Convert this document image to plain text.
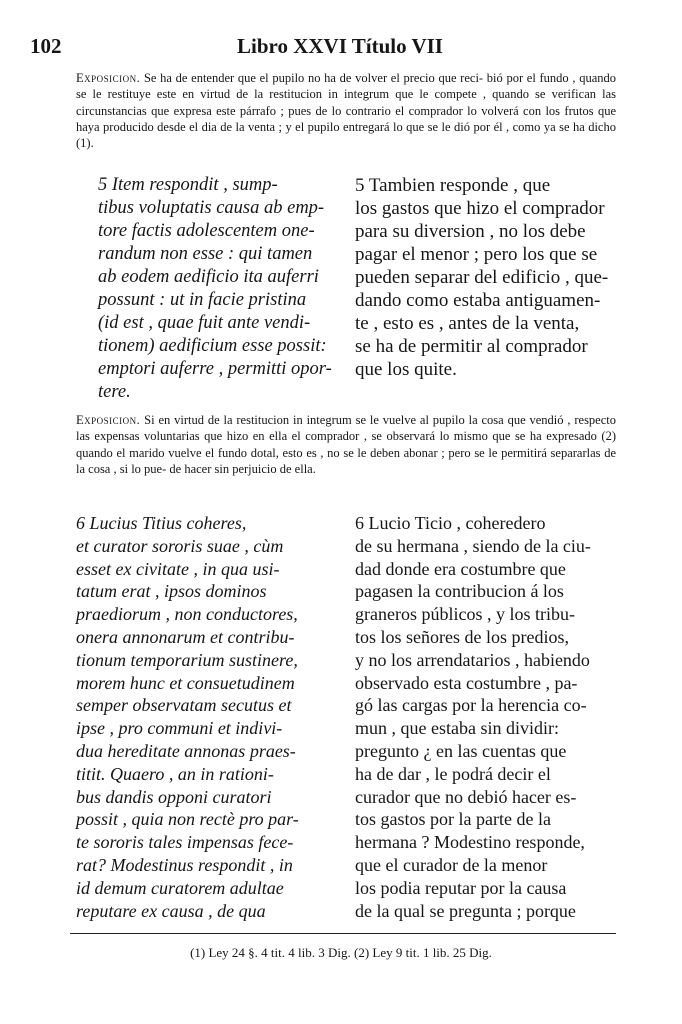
102	Libro XXVI Título VII
Exposicion. Se ha de entender que el pupilo no ha de volver el precio que reci- bió por el fundo , quando se le restituye este en virtud de la restitucion in integrum que le compete , quando se verifican las circunstancias que expresa este párrafo ; pues de lo contrario el comprador lo volverá con los frutos que haya producido desde el dia de la venta ; y el pupilo entregará lo que se le dió por él , como ya se ha dicho (1).
5 Item respondit , sump-
tibus voluptatis causa ab emp-
tore factis adolescentem one-
randum non esse : qui tamen
ab eodem aedificio ita auferri
possunt : ut in facie pristina
(id est , quae fuit ante vendi-
tionem) aedificium esse possit:
emptori auferre , permitti opor-
tere.
5 Tambien responde , que
los gastos que hizo el comprador
para su diversion , no los debe
pagar el menor ; pero los que se
pueden separar del edificio , que-
dando como estaba antiguamen-
te , esto es , antes de la venta,
se ha de permitir al comprador
que los quite.
Exposicion. Si en virtud de la restitucion in integrum se le vuelve al pupilo la cosa que vendió , respecto las expensas voluntarias que hizo en ella el comprador , se observará lo mismo que se ha expresado (2) quando el marido vuelve el fundo dotal, esto es , no se le deben abonar ; pero se le permitirá separarlas de la cosa , si lo pue- de hacer sin perjuicio de ella.
6 Lucius Titius coheres,
et curator sororis suae , cùm
esset ex civitate , in qua usi-
tatum erat , ipsos dominos
praediorum , non conductores,
onera annonarum et contribu-
tionum temporarium sustinere,
morem hunc et consuetudinem
semper observatam secutus et
ipse , pro communi et indivi-
dua hereditate annonas praes-
titit. Quaero , an in rationi-
bus dandis opponi curatori
possit , quia non rectè pro par-
te sororis tales impensas fece-
rat? Modestinus respondit , in
id demum curatorem adultae
reputare ex causa , de qua
6 Lucio Ticio , coheredero
de su hermana , siendo de la ciu-
dad donde era costumbre que
pagasen la contribucion á los
graneros públicos , y los tribu-
tos los señores de los predios,
y no los arrendatarios , habiendo
observado esta costumbre , pa-
gó las cargas por la herencia co-
mun , que estaba sin dividir:
pregunto ¿ en las cuentas que
ha de dar , le podrá decir el
curador que no debió hacer es-
tos gastos por la parte de la
hermana ? Modestino responde,
que el curador de la menor
los podia reputar por la causa
de la qual se pregunta ; porque
(1) Ley 24 §. 4 tit. 4 lib. 3 Dig. (2) Ley 9 tit. 1 lib. 25 Dig.
